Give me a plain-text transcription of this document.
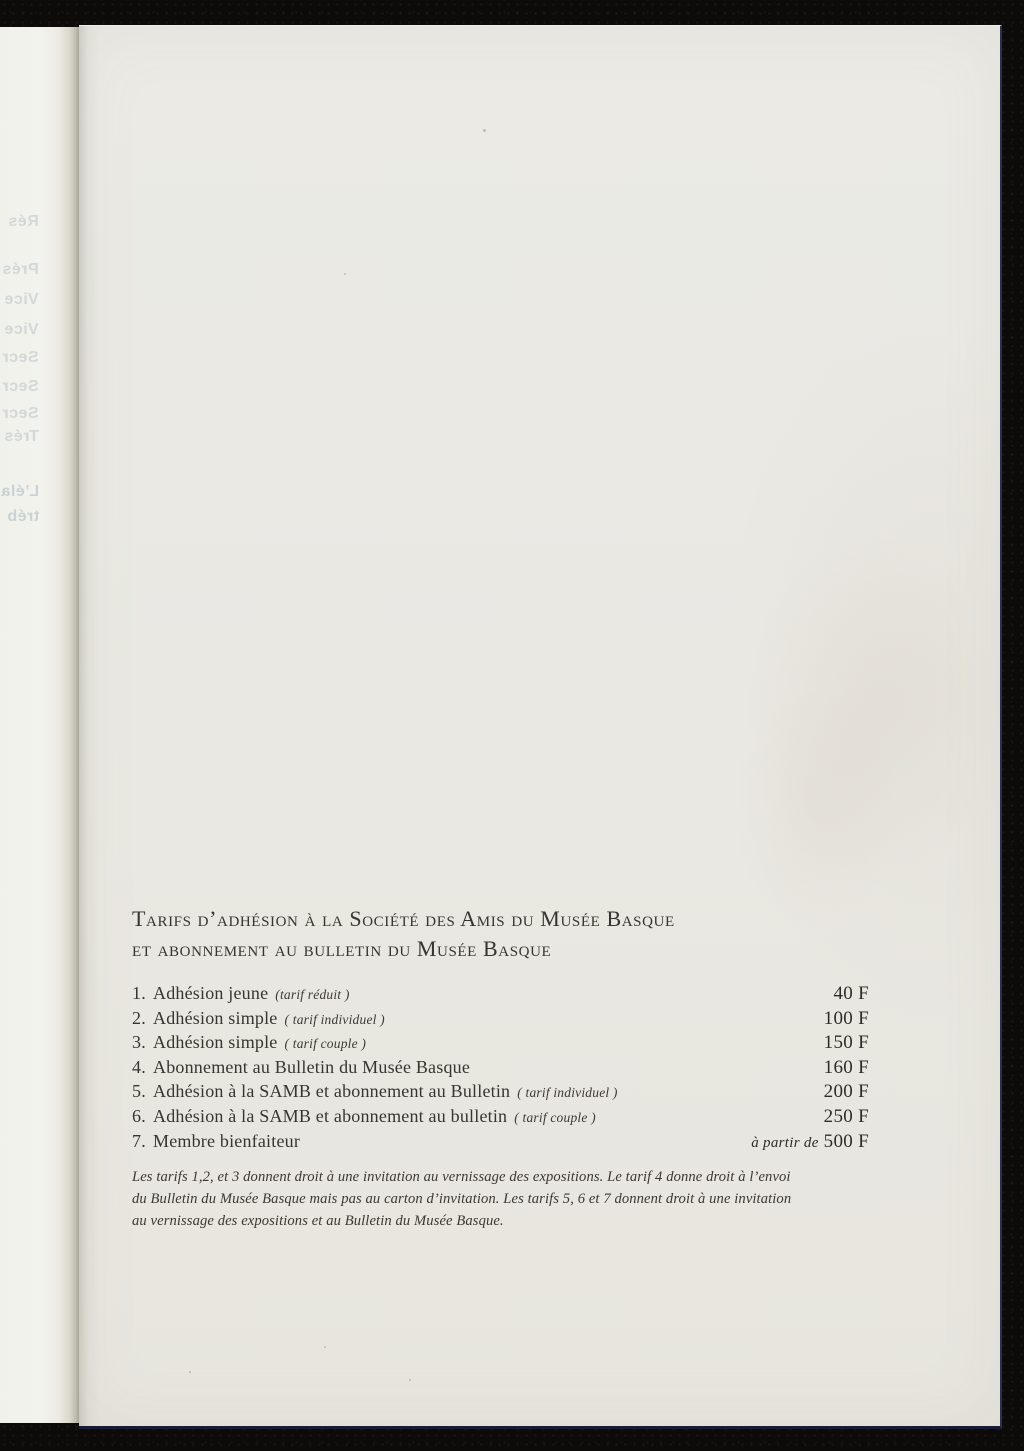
Rés
Prés
Vice
Vice
Secr
Secr
Secr
Trés
L’éla
tréb
Tarifs d’adhésion à la Société des Amis du Musée Basque
et abonnement au bulletin du Musée Basque
1. Adhésion jeune (tarif réduit )	40 F
2. Adhésion simple ( tarif individuel )	100 F
3. Adhésion simple ( tarif couple )	150 F
4. Abonnement au Bulletin du Musée Basque	160 F
5. Adhésion à la SAMB et abonnement au Bulletin ( tarif individuel )	200 F
6. Adhésion à la SAMB et abonnement au bulletin ( tarif couple )	250 F
7. Membre bienfaiteur	à partir de 500 F
Les tarifs 1,2, et 3 donnent droit à une invitation au vernissage des expositions. Le tarif 4 donne droit à l’envoi
du Bulletin du Musée Basque mais pas au carton d’invitation. Les tarifs 5, 6 et 7 donnent droit à une invitation
au vernissage des expositions et au Bulletin du Musée Basque.
